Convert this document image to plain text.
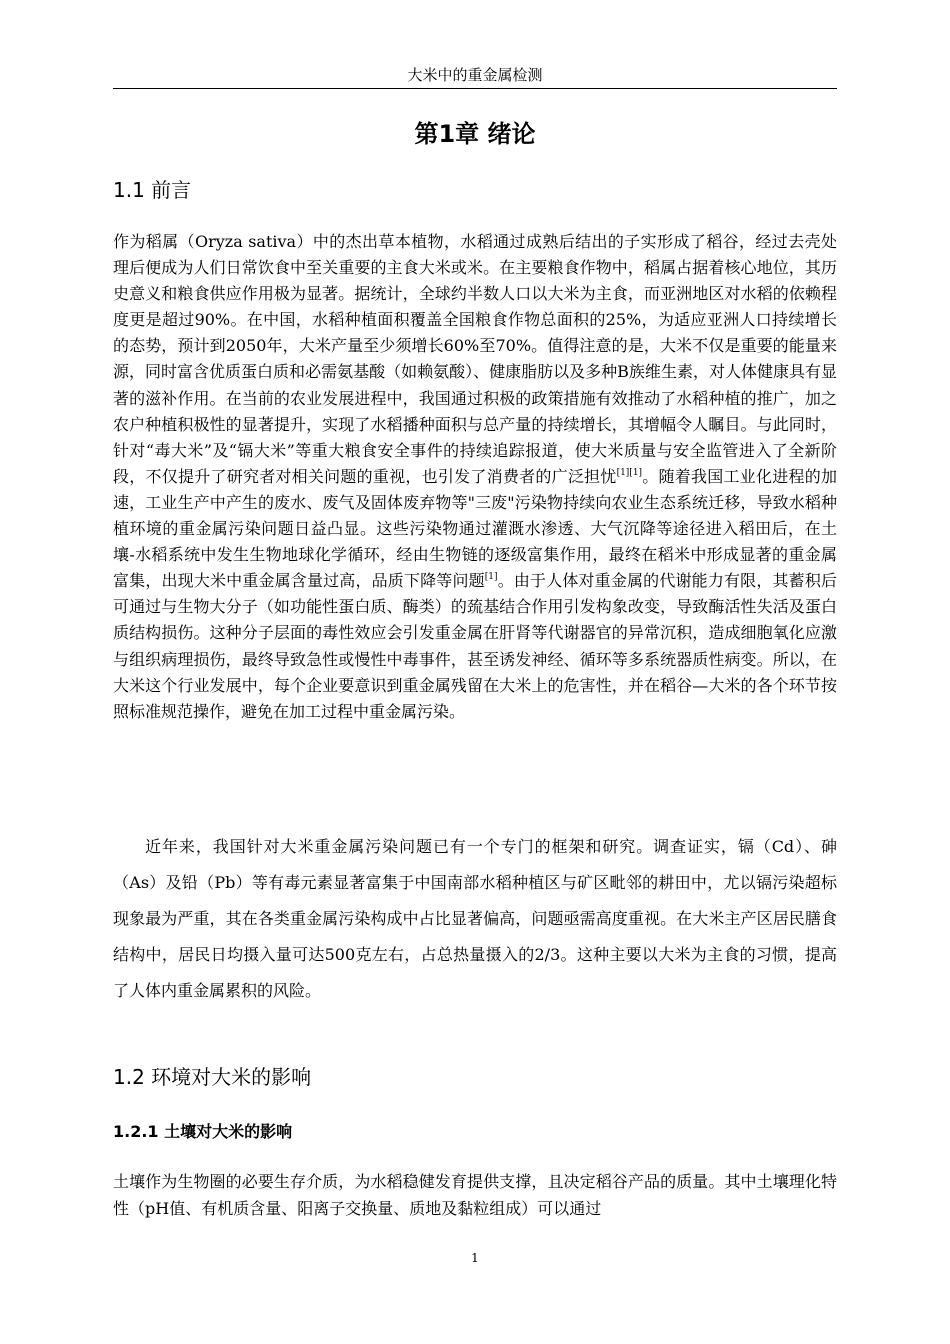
大米中的重金属检测
第1章 绪论
1.1 前言

作为稻属（Oryza sativa）中的杰出草本植物，水稻通过成熟后结出的子实形成了稻谷，经过去壳处理后便成为人们日常饮食中至关重要的主食大米或米。在主要粮食作物中，稻属占据着核心地位，其历史意义和粮食供应作用极为显著。据统计，全球约半数人口以大米为主食，而亚洲地区对水稻的依赖程度更是超过90%。在中国，水稻种植面积覆盖全国粮食作物总面积的25%，为适应亚洲人口持续增长的态势，预计到2050年，大米产量至少须增长60%至70%。值得注意的是，大米不仅是重要的能量来源，同时富含优质蛋白质和必需氨基酸（如赖氨酸）、健康脂肪以及多种B族维生素，对人体健康具有显著的滋补作用。在当前的农业发展进程中，我国通过积极的政策措施有效推动了水稻种植的推广，加之农户种植积极性的显著提升，实现了水稻播种面积与总产量的持续增长，其增幅令人瞩目。与此同时，针对“毒大米”及“镉大米”等重大粮食安全事件的持续追踪报道，使大米质量与安全监管进入了全新阶段，不仅提升了研究者对相关问题的重视，也引发了消费者的广泛担忧[1][1]。随着我国工业化进程的加速，工业生产中产生的废水、废气及固体废弃物等"三废"污染物持续向农业生态系统迁移，导致水稻种植环境的重金属污染问题日益凸显。这些污染物通过灌溉水渗透、大气沉降等途径进入稻田后，在土壤-水稻系统中发生生物地球化学循环，经由生物链的逐级富集作用，最终在稻米中形成显著的重金属富集，出现大米中重金属含量过高，品质下降等问题[1]。由于人体对重金属的代谢能力有限，其蓄积后可通过与生物大分子（如功能性蛋白质、酶类）的巯基结合作用引发构象改变，导致酶活性失活及蛋白质结构损伤。这种分子层面的毒性效应会引发重金属在肝肾等代谢器官的异常沉积，造成细胞氧化应激与组织病理损伤，最终导致急性或慢性中毒事件，甚至诱发神经、循环等多系统器质性病变。所以，在大米这个行业发展中，每个企业要意识到重金属残留在大米上的危害性，并在稻谷—大米的各个环节按照标准规范操作，避免在加工过程中重金属污染。

近年来，我国针对大米重金属污染问题已有一个专门的框架和研究。调查证实，镉（Cd）、砷（As）及铅（Pb）等有毒元素显著富集于中国南部水稻种植区与矿区毗邻的耕田中，尤以镉污染超标现象最为严重，其在各类重金属污染构成中占比显著偏高，问题亟需高度重视。在大米主产区居民膳食结构中，居民日均摄入量可达500克左右，占总热量摄入的2/3。这种主要以大米为主食的习惯，提高了人体内重金属累积的风险。

1.2 环境对大米的影响
1.2.1 土壤对大米的影响

土壤作为生物圈的必要生存介质，为水稻稳健发育提供支撑，且决定稻谷产品的质量。其中土壤理化特性（pH值、有机质含量、阳离子交换量、质地及黏粒组成）可以通过

1
